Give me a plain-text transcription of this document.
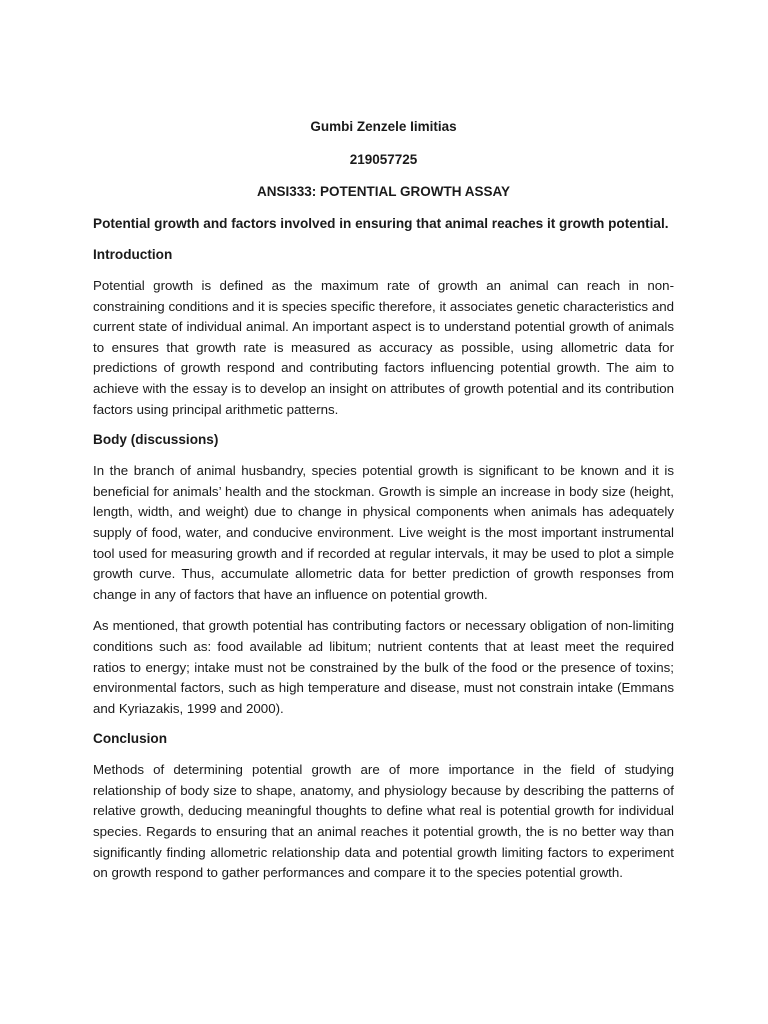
Gumbi Zenzele Iimitias
219057725
ANSI333: POTENTIAL GROWTH ASSAY
Potential growth and factors involved in ensuring that animal reaches it growth potential.
Introduction

Potential growth is defined as the maximum rate of growth an animal can reach in non-constraining conditions and it is species specific therefore, it associates genetic characteristics and current state of individual animal. An important aspect is to understand potential growth of animals to ensures that growth rate is measured as accuracy as possible, using allometric data for predictions of growth respond and contributing factors influencing potential growth. The aim to achieve with the essay is to develop an insight on attributes of growth potential and its contribution factors using principal arithmetic patterns.

Body (discussions)

In the branch of animal husbandry, species potential growth is significant to be known and it is beneficial for animals’ health and the stockman. Growth is simple an increase in body size (height, length, width, and weight) due to change in physical components when animals has adequately supply of food, water, and conducive environment. Live weight is the most important instrumental tool used for measuring growth and if recorded at regular intervals, it may be used to plot a simple growth curve. Thus, accumulate allometric data for better prediction of growth responses from change in any of factors that have an influence on potential growth.

As mentioned, that growth potential has contributing factors or necessary obligation of non-limiting conditions such as: food available ad libitum; nutrient contents that at least meet the required ratios to energy; intake must not be constrained by the bulk of the food or the presence of toxins; environmental factors, such as high temperature and disease, must not constrain intake (Emmans and Kyriazakis, 1999 and 2000).

Conclusion

Methods of determining potential growth are of more importance in the field of studying relationship of body size to shape, anatomy, and physiology because by describing the patterns of relative growth, deducing meaningful thoughts to define what real is potential growth for individual species. Regards to ensuring that an animal reaches it potential growth, the is no better way than significantly finding allometric relationship data and potential growth limiting factors to experiment on growth respond to gather performances and compare it to the species potential growth.
